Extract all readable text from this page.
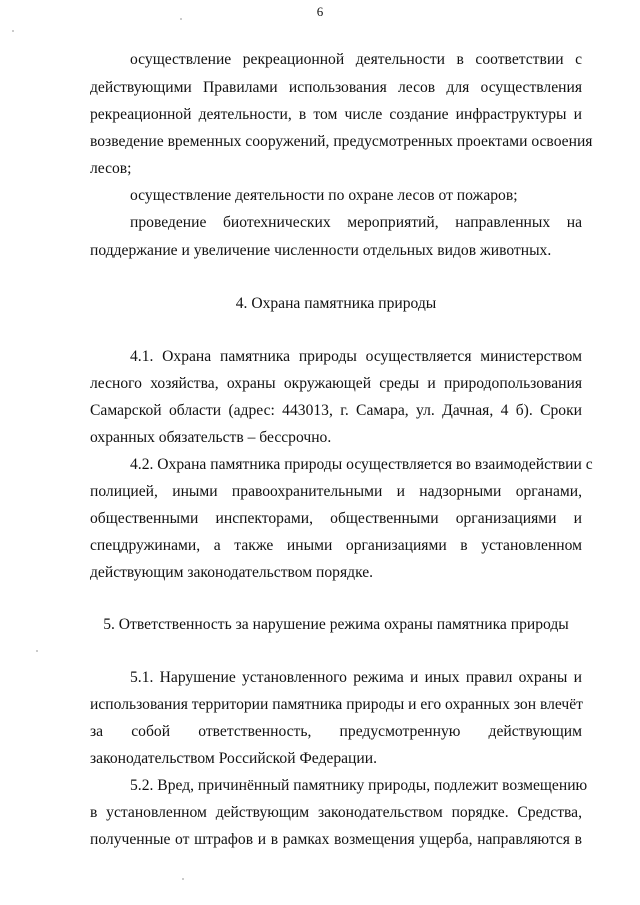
6
осуществление рекреационной деятельности в соответствии с
действующими Правилами использования лесов для осуществления
рекреационной деятельности, в том числе создание инфраструктуры и
возведение временных сооружений, предусмотренных проектами освоения
лесов;
осуществление деятельности по охране лесов от пожаров;
проведение биотехнических мероприятий, направленных на
поддержание и увеличение численности отдельных видов животных.
4. Охрана памятника природы
4.1. Охрана памятника природы осуществляется министерством
лесного хозяйства, охраны окружающей среды и природопользования
Самарской области (адрес: 443013, г. Самара, ул. Дачная, 4 б). Сроки
охранных обязательств – бессрочно.
4.2. Охрана памятника природы осуществляется во взаимодействии с
полицией, иными правоохранительными и надзорными органами,
общественными инспекторами, общественными организациями и
спецдружинами, а также иными организациями в установленном
действующим законодательством порядке.
5. Ответственность за нарушение режима охраны памятника природы
5.1. Нарушение установленного режима и иных правил охраны и
использования территории памятника природы и его охранных зон влечёт
за собой ответственность, предусмотренную действующим
законодательством Российской Федерации.
5.2. Вред, причинённый памятнику природы, подлежит возмещению
в установленном действующим законодательством порядке. Средства,
полученные от штрафов и в рамках возмещения ущерба, направляются в
